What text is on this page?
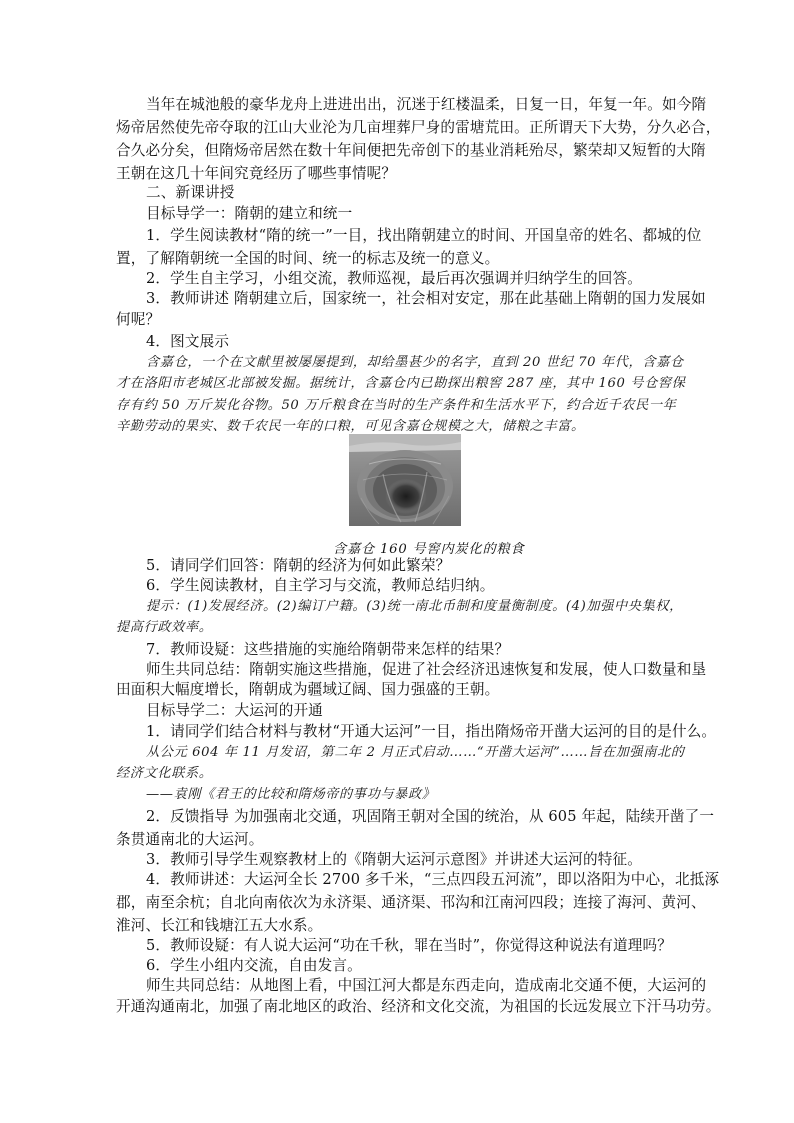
当年在城池般的豪华龙舟上进进出出，沉迷于红楼温柔，日复一日，年复一年。如今隋
炀帝居然使先帝夺取的江山大业沦为几亩埋葬尸身的雷塘荒田。正所谓天下大势，分久必合，
合久必分矣，但隋炀帝居然在数十年间便把先帝创下的基业消耗殆尽，繁荣却又短暂的大隋
王朝在这几十年间究竟经历了哪些事情呢？
二、新课讲授
目标导学一：隋朝的建立和统一
1．学生阅读教材“隋的统一”一目，找出隋朝建立的时间、开国皇帝的姓名、都城的位
置，了解隋朝统一全国的时间、统一的标志及统一的意义。
2．学生自主学习，小组交流，教师巡视，最后再次强调并归纳学生的回答。
3．教师讲述 隋朝建立后，国家统一，社会相对安定，那在此基础上隋朝的国力发展如
何呢？
4．图文展示
含嘉仓，一个在文献里被屡屡提到，却给墨甚少的名字，直到 20 世纪 70 年代，含嘉仓
才在洛阳市老城区北部被发掘。据统计，含嘉仓内已勘探出粮窖 287 座，其中 160 号仓窖保
存有约 50 万斤炭化谷物。50 万斤粮食在当时的生产条件和生活水平下，约合近千农民一年
辛勤劳动的果实、数千农民一年的口粮，可见含嘉仓规模之大，储粮之丰富。
含嘉仓 160 号窖内炭化的粮食
5．请同学们回答：隋朝的经济为何如此繁荣？
6．学生阅读教材，自主学习与交流，教师总结归纳。
提示：(1)发展经济。(2)编订户籍。(3)统一南北币制和度量衡制度。(4)加强中央集权，
提高行政效率。
7．教师设疑：这些措施的实施给隋朝带来怎样的结果？
师生共同总结：隋朝实施这些措施，促进了社会经济迅速恢复和发展，使人口数量和垦
田面积大幅度增长，隋朝成为疆域辽阔、国力强盛的王朝。
目标导学二：大运河的开通
1．请同学们结合材料与教材“开通大运河”一目，指出隋炀帝开凿大运河的目的是什么。
从公元 604 年 11 月发诏，第二年 2 月正式启动……“开凿大运河”……旨在加强南北的
经济文化联系。
——袁刚《君王的比较和隋炀帝的事功与暴政》
2．反馈指导 为加强南北交通，巩固隋王朝对全国的统治，从 605 年起，陆续开凿了一
条贯通南北的大运河。
3．教师引导学生观察教材上的《隋朝大运河示意图》并讲述大运河的特征。
4．教师讲述：大运河全长 2700 多千米，“三点四段五河流”，即以洛阳为中心，北抵涿
郡，南至余杭；自北向南依次为永济渠、通济渠、邗沟和江南河四段；连接了海河、黄河、
淮河、长江和钱塘江五大水系。
5．教师设疑：有人说大运河“功在千秋，罪在当时”，你觉得这种说法有道理吗？
6．学生小组内交流，自由发言。
师生共同总结：从地图上看，中国江河大都是东西走向，造成南北交通不便，大运河的
开通沟通南北，加强了南北地区的政治、经济和文化交流，为祖国的长远发展立下汗马功劳。
